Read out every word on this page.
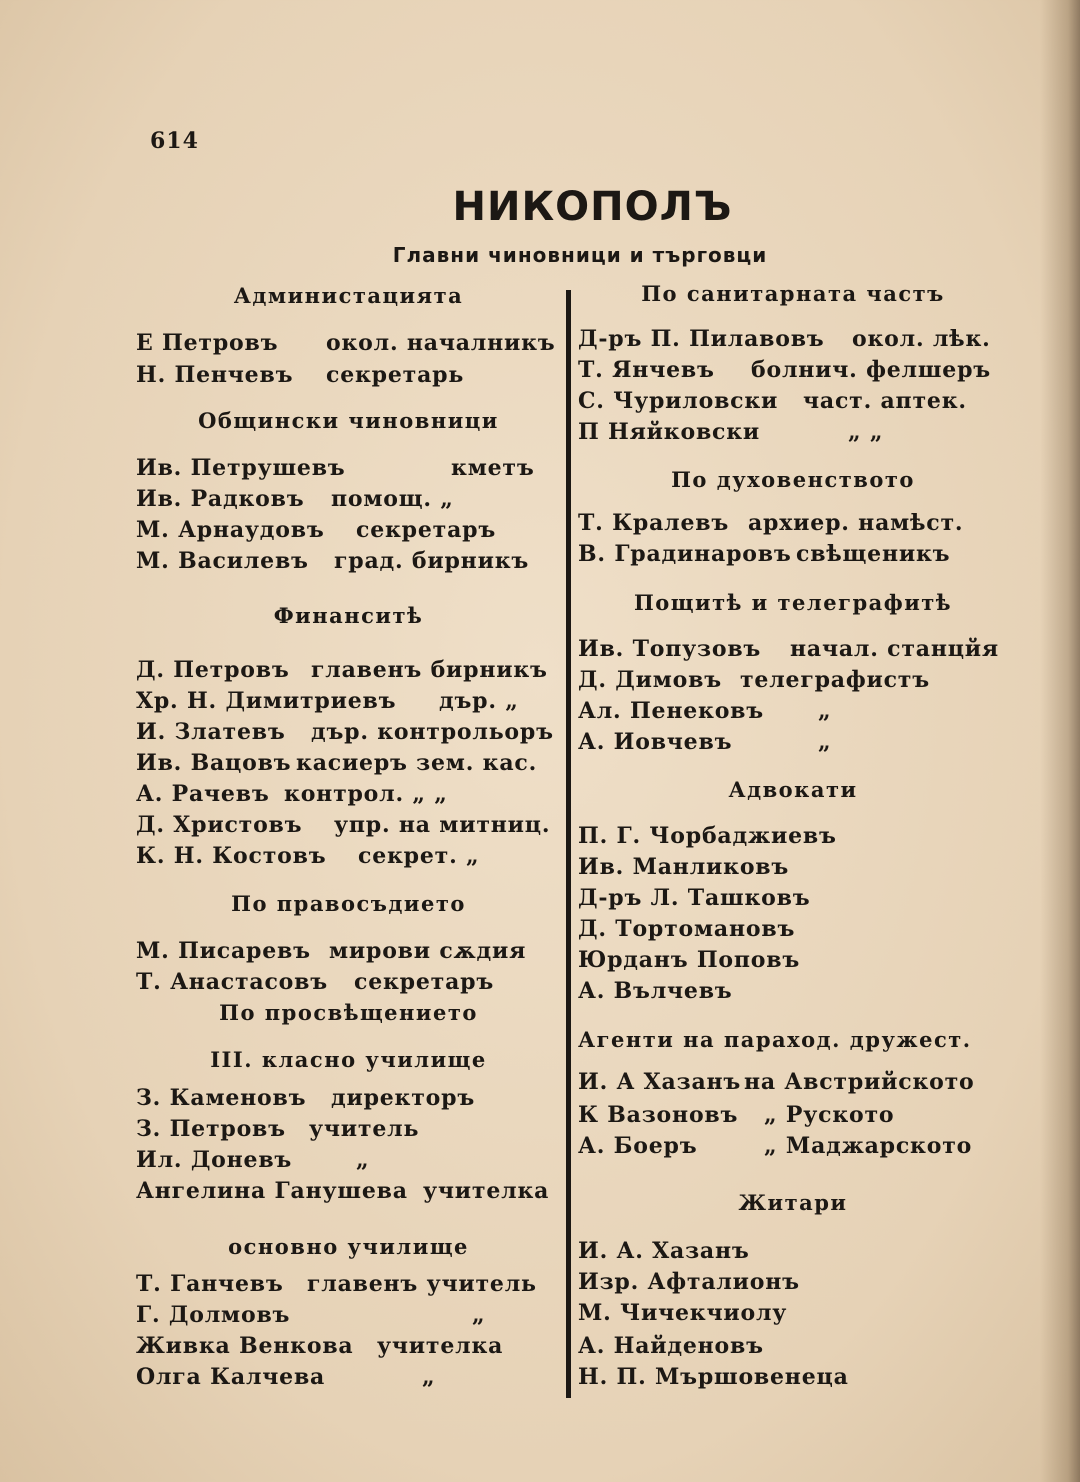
614
НИКОПОЛЪ
Главни чиновници и търговци
Администацията
Е Петровъ окол. началникъ
Н. Пенчевъ секретарь
Общински чиновници
Ив. Петрушевъ	кметъ
Ив. Радковъ помощ. „
М. Арнаудовъ секретаръ
М. Василевъ град. бирникъ
Финанситѣ
Д. Петровъ главенъ бирникъ
Хр. Н. Димитриевъ дър. „
И. Златевъ дър. контрольоръ
Ив. Вацовъ касиеръ зем. кас.
А. Рачевъ контрол. „ „
Д. Христовъ упр. на митниц.
К. Н. Костовъ секрет. „
По правосъдието
М. Писаревъ мирови сѫдия
Т. Анастасовъ секретаръ
По просвѣщението
III. класно училище
З. Каменовъ директоръ
З. Петровъ учитель
Ил. Доневъ	„
Ангелина Ганушева учителка
основно училище
Т. Ганчевъ главенъ учитель
Г. Долмовъ	„
Живка Венкова учителка
Олга Калчева	„
По санитарната частъ
Д-ръ П. Пилавовъ окол. лѣк.
Т. Янчевъ болнич. фелшеръ
С. Чуриловски част. аптек.
П Няйковски	„ „
По духовенството
Т. Кралевъ архиер. намѣст.
В. Градинаровъ свѣщеникъ
Пощитѣ и телеграфитѣ
Ив. Топузовъ начал. станцйя
Д. Димовъ телеграфистъ
Ал. Пенековъ „
А. Иовчевъ	„
Адвокати
П. Г. Чорбаджиевъ
Ив. Манликовъ
Д-ръ Л. Ташковъ
Д. Тортомановъ
Юрданъ Поповъ
А. Вълчевъ
Агенти на параход. дружест.
И. А Хазанъ на Австрийското
К Вазоновъ „ Руското
А. Боеръ	„ Маджарското
Житари
И. А. Хазанъ
Изр. Афталионъ
М. Чичекчиолу
А. Найденовъ
Н. П. Мършовенеца
